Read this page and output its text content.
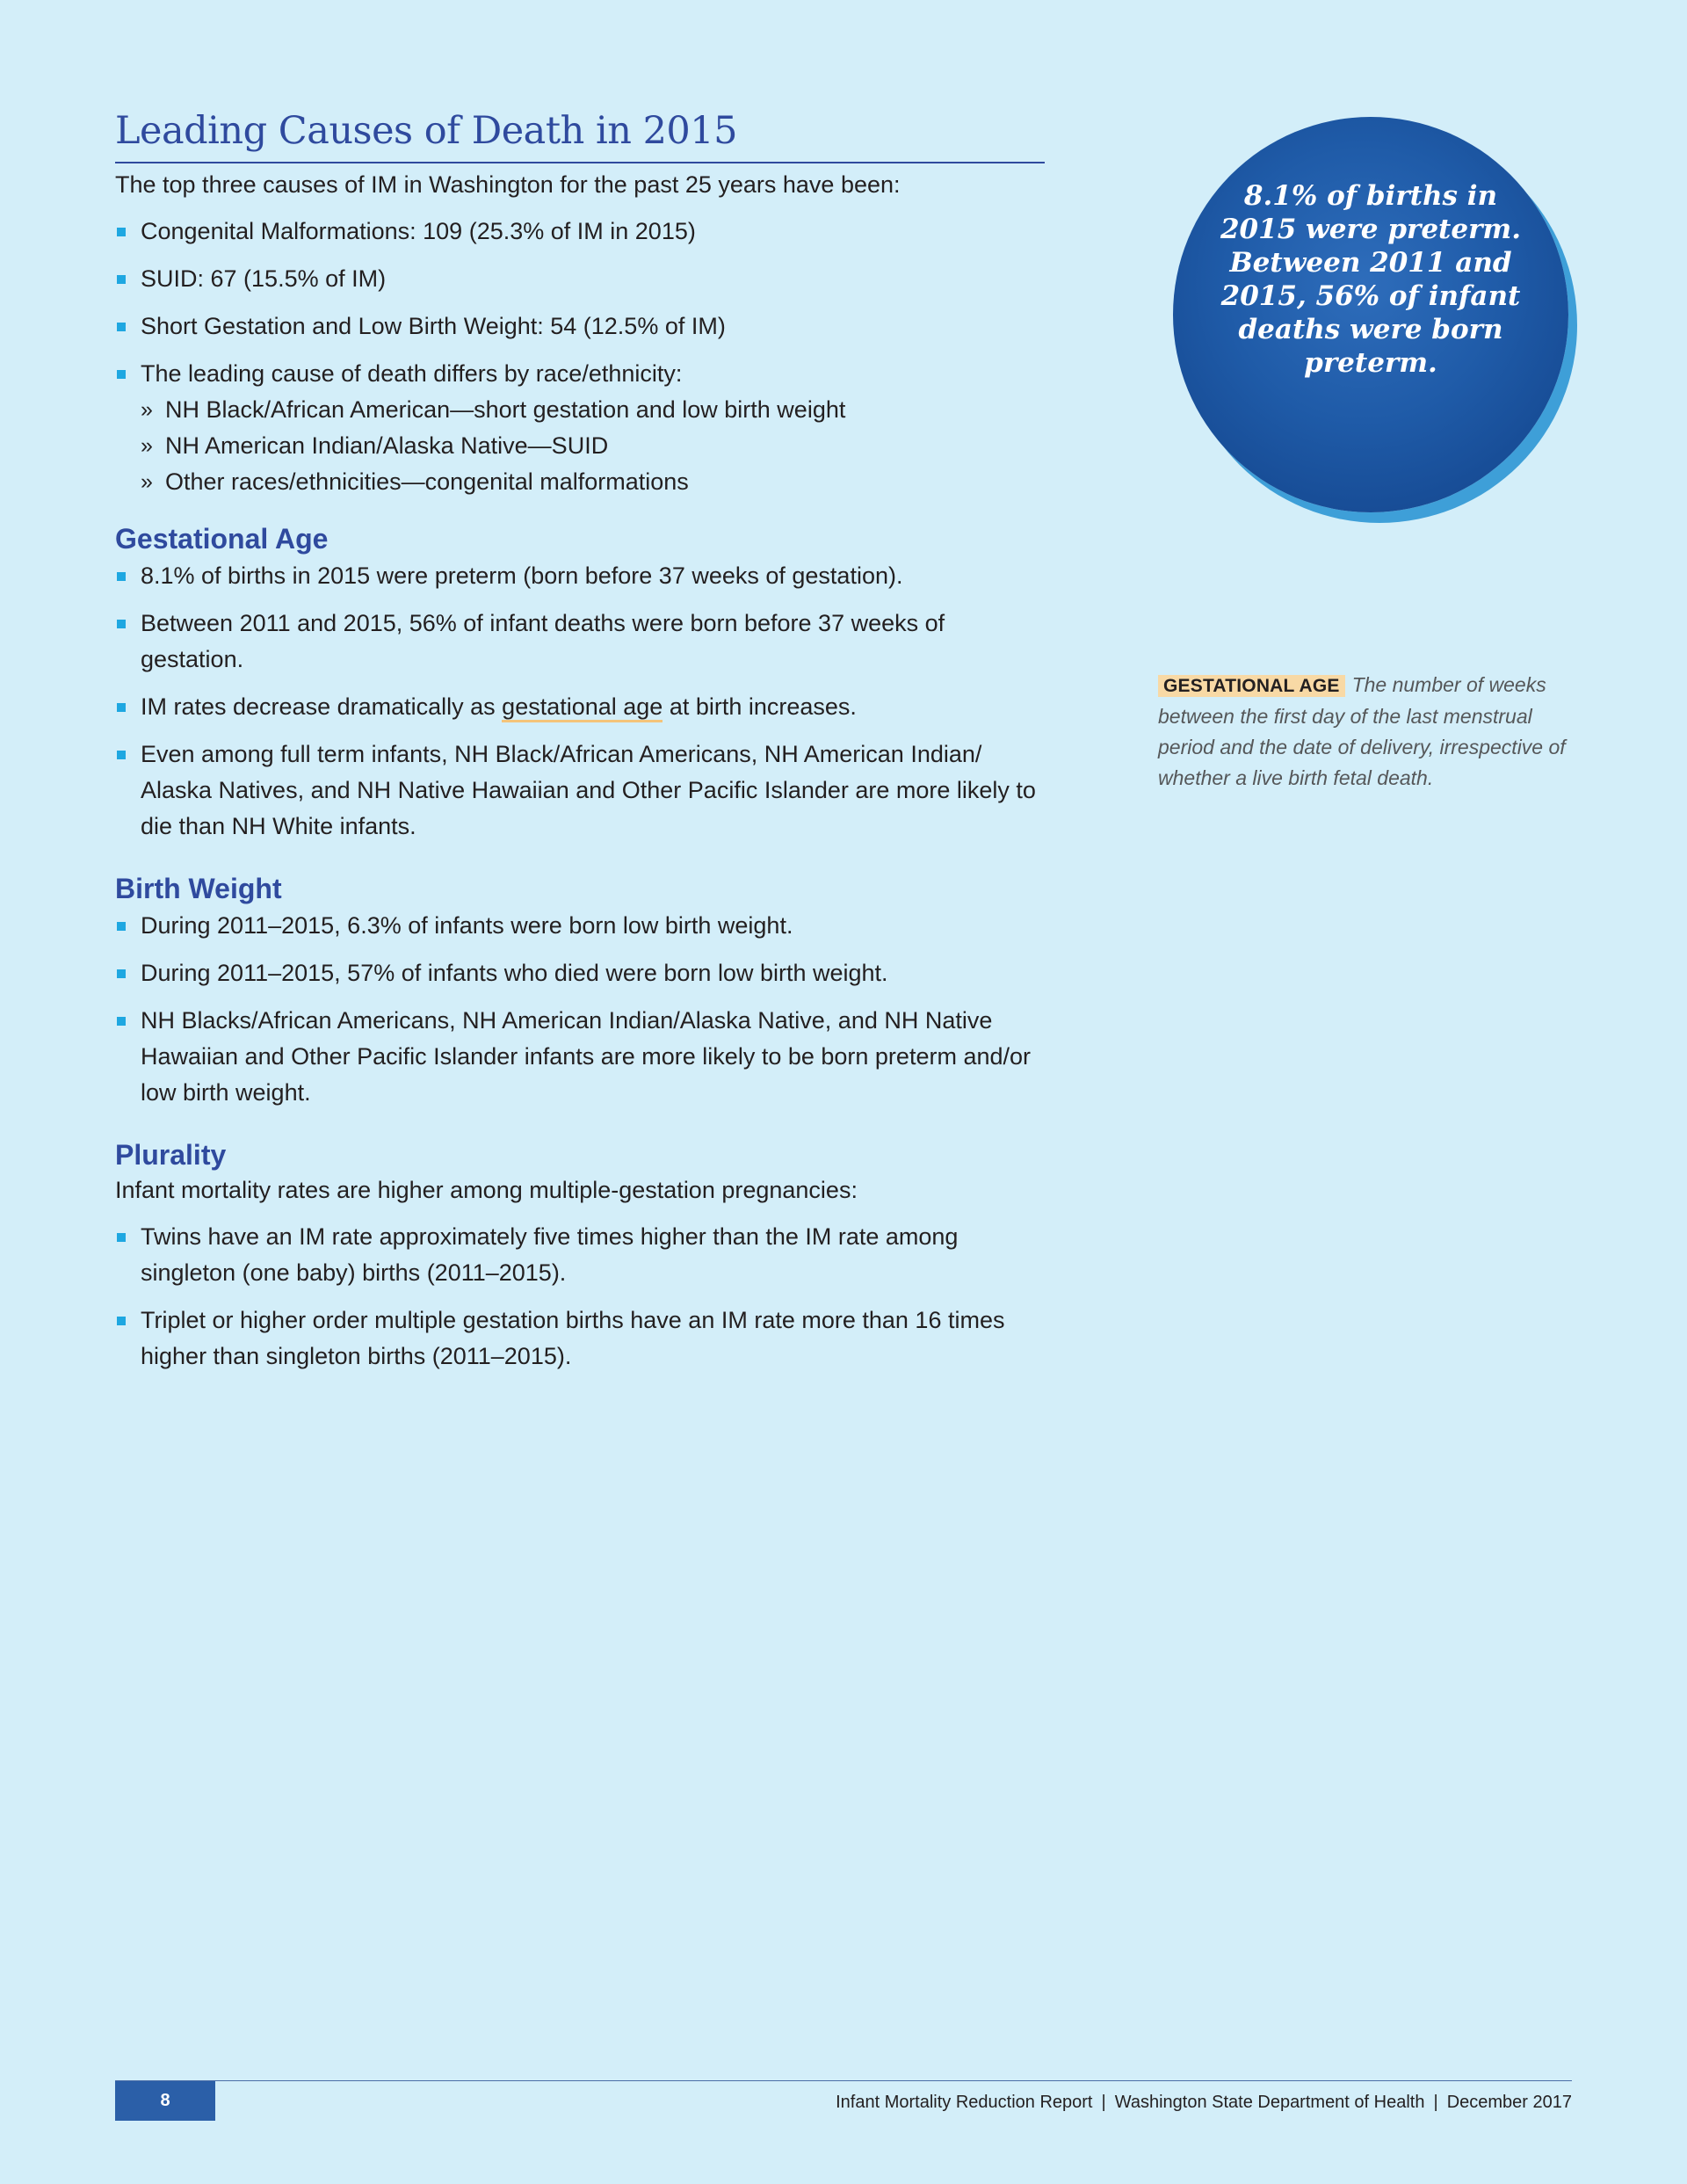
Leading Causes of Death in 2015

The top three causes of IM in Washington for the past 25 years have been:

Congenital Malformations: 109 (25.3% of IM in 2015)
SUID: 67 (15.5% of IM)
Short Gestation and Low Birth Weight: 54 (12.5% of IM)
The leading cause of death differs by race/ethnicity:
» NH Black/African American—short gestation and low birth weight
» NH American Indian/Alaska Native—SUID
» Other races/ethnicities—congenital malformations
Gestational Age
8.1% of births in 2015 were preterm (born before 37 weeks of gestation).
Between 2011 and 2015, 56% of infant deaths were born before 37 weeks of gestation.
IM rates decrease dramatically as gestational age at birth increases.
Even among full term infants, NH Black/African Americans, NH American Indian/ Alaska Natives, and NH Native Hawaiian and Other Pacific Islander are more likely to die than NH White infants.
Birth Weight
During 2011–2015, 6.3% of infants were born low birth weight.
During 2011–2015, 57% of infants who died were born low birth weight.
NH Blacks/African Americans, NH American Indian/Alaska Native, and NH Native Hawaiian and Other Pacific Islander infants are more likely to be born preterm and/or low birth weight.
Plurality

Infant mortality rates are higher among multiple-gestation pregnancies:

Twins have an IM rate approximately five times higher than the IM rate among singleton (one baby) births (2011–2015).
Triplet or higher order multiple gestation births have an IM rate more than 16 times higher than singleton births (2011–2015).
8.1% of births in 2015 were preterm. Between 2011 and 2015, 56% of infant deaths were born preterm.
GESTATIONAL AGE The number of weeks between the first day of the last menstrual period and the date of delivery, irrespective of whether a live birth fetal death.
8	Infant Mortality Reduction Report | Washington State Department of Health | December 2017
